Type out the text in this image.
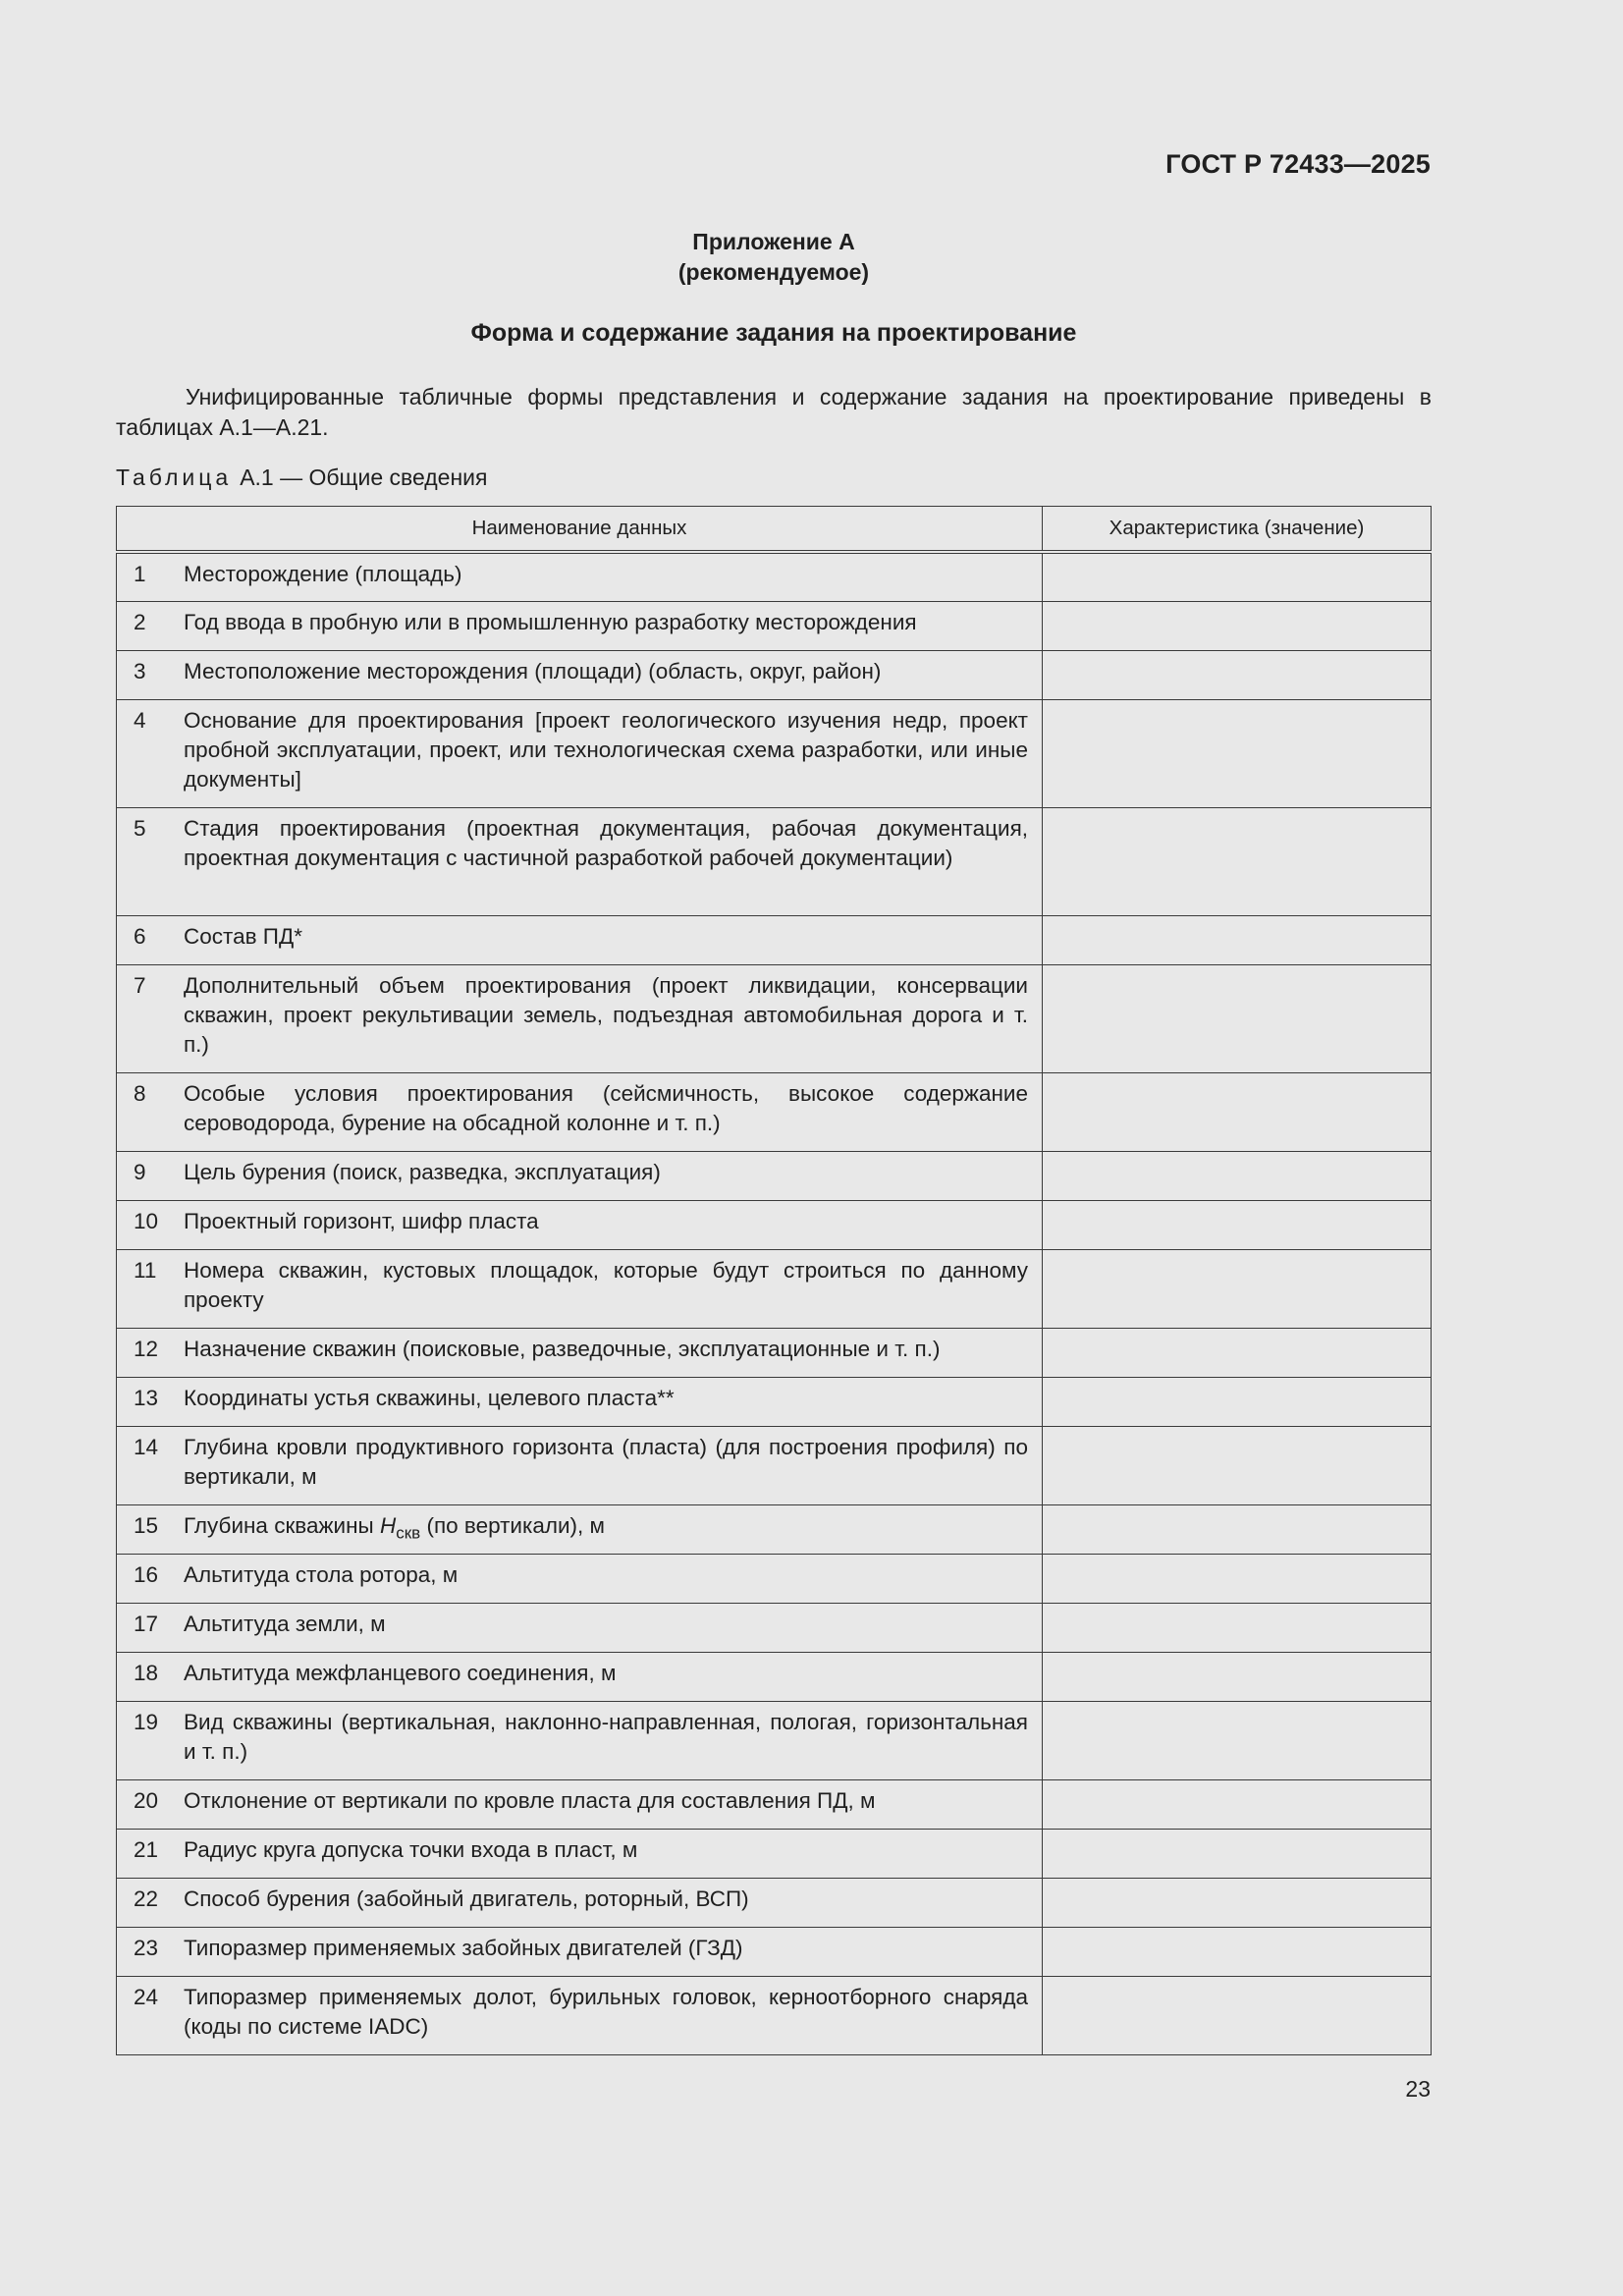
ГОСТ Р 72433—2025
Приложение А
(рекомендуемое)
Форма и содержание задания на проектирование
Унифицированные табличные формы представления и содержание задания на проектирование приведены в таблицах А.1—А.21.
Таблица А.1 — Общие сведения
Наименование данных	Характеристика (значение)

1 Месторождение (площадь)	

2 Год ввода в пробную или в промышленную разработку месторождения	

3 Местоположение месторождения (площади) (область, округ, район)	

4 Основание для проектирования [проект геологического изучения недр, проект пробной эксплуатации, проект, или технологическая схема разработки, или иные документы]	

5 Стадия проектирования (проектная документация, рабочая документация, проектная документация с частичной разработкой рабочей документации)	

6 Состав ПД*	

7 Дополнительный объем проектирования (проект ликвидации, консервации скважин, проект рекультивации земель, подъездная автомобильная дорога и т. п.)	

8 Особые условия проектирования (сейсмичность, высокое содержание сероводорода, бурение на обсадной колонне и т. п.)	

9 Цель бурения (поиск, разведка, эксплуатация)	

10 Проектный горизонт, шифр пласта	

11 Номера скважин, кустовых площадок, которые будут строиться по данному проекту	

12 Назначение скважин (поисковые, разведочные, эксплуатационные и т. п.)	

13 Координаты устья скважины, целевого пласта**	

14 Глубина кровли продуктивного горизонта (пласта) (для построения профиля) по вертикали, м	

15 Глубина скважины $H_{скв}$ (по вертикали), м	

16 Альтитуда стола ротора, м	

17 Альтитуда земли, м	

18 Альтитуда межфланцевого соединения, м	

19 Вид скважины (вертикальная, наклонно-направленная, пологая, горизонтальная и т. п.)	

20 Отклонение от вертикали по кровле пласта для составления ПД, м	

21 Радиус круга допуска точки входа в пласт, м	

22 Способ бурения (забойный двигатель, роторный, ВСП)	

23 Типоразмер применяемых забойных двигателей (ГЗД)	

24 Типоразмер применяемых долот, бурильных головок, керноотборного снаряда (коды по системе IADC)	

23
